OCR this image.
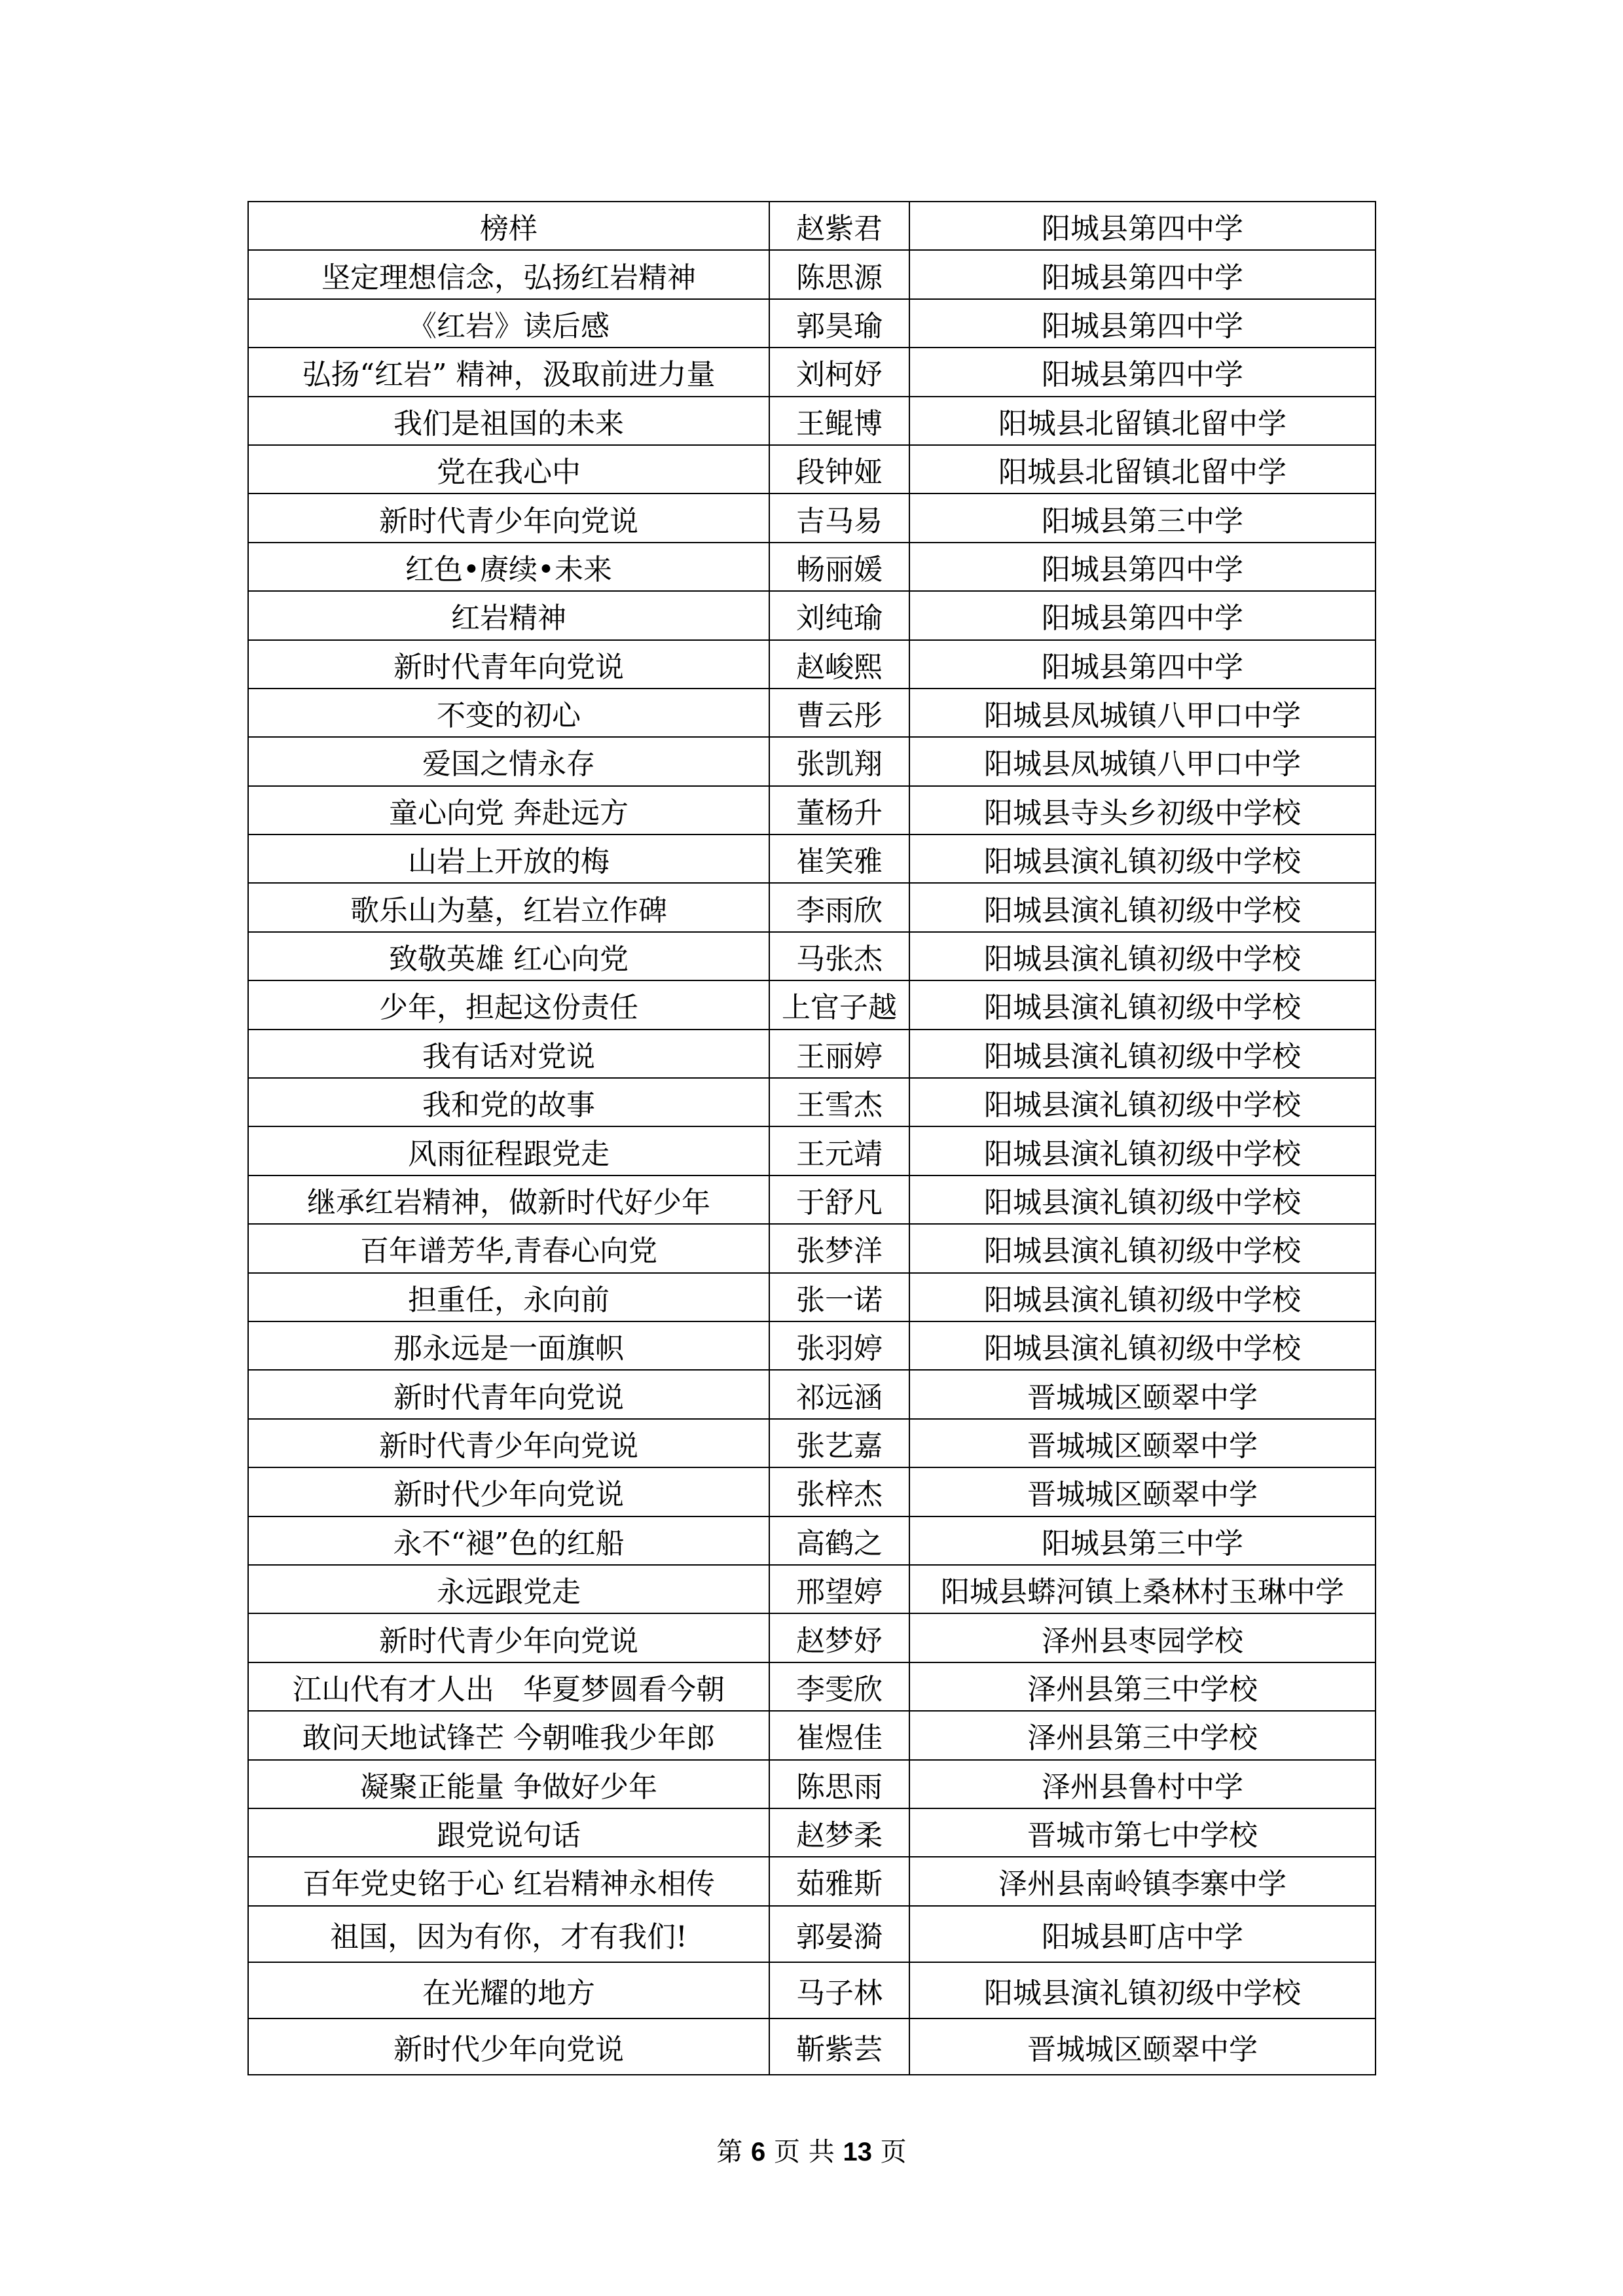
榜样	赵紫君	阳城县第四中学
坚定理想信念，弘扬红岩精神	陈思源	阳城县第四中学
《红岩》读后感	郭昊瑜	阳城县第四中学
弘扬“红岩” 精神，汲取前进力量	刘柯妤	阳城县第四中学
我们是祖国的未来	王鲲博	阳城县北留镇北留中学
党在我心中	段钟娅	阳城县北留镇北留中学
新时代青少年向党说	吉马易	阳城县第三中学
红色•赓续•未来	畅丽媛	阳城县第四中学
红岩精神	刘纯瑜	阳城县第四中学
新时代青年向党说	赵峻熙	阳城县第四中学
不变的初心	曹云彤	阳城县凤城镇八甲口中学
爱国之情永存	张凯翔	阳城县凤城镇八甲口中学
童心向党 奔赴远方	董杨升	阳城县寺头乡初级中学校
山岩上开放的梅	崔笑雅	阳城县演礼镇初级中学校
歌乐山为墓，红岩立作碑	李雨欣	阳城县演礼镇初级中学校
致敬英雄 红心向党	马张杰	阳城县演礼镇初级中学校
少年，担起这份责任	上官子越	阳城县演礼镇初级中学校
我有话对党说	王丽婷	阳城县演礼镇初级中学校
我和党的故事	王雪杰	阳城县演礼镇初级中学校
风雨征程跟党走	王元靖	阳城县演礼镇初级中学校
继承红岩精神，做新时代好少年	于舒凡	阳城县演礼镇初级中学校
百年谱芳华,青春心向党	张梦洋	阳城县演礼镇初级中学校
担重任，永向前	张一诺	阳城县演礼镇初级中学校
那永远是一面旗帜	张羽婷	阳城县演礼镇初级中学校
新时代青年向党说	祁远涵	晋城城区颐翠中学
新时代青少年向党说	张艺嘉	晋城城区颐翠中学
新时代少年向党说	张梓杰	晋城城区颐翠中学
永不“褪”色的红船	高鹤之	阳城县第三中学
永远跟党走	邢望婷	阳城县蟒河镇上桑林村玉琳中学
新时代青少年向党说	赵梦妤	泽州县枣园学校
江山代有才人出　华夏梦圆看今朝	李雯欣	泽州县第三中学校
敢问天地试锋芒 今朝唯我少年郎	崔煜佳	泽州县第三中学校
凝聚正能量 争做好少年	陈思雨	泽州县鲁村中学
跟党说句话	赵梦柔	晋城市第七中学校
百年党史铭于心 红岩精神永相传	茹雅斯	泽州县南岭镇李寨中学
祖国，因为有你，才有我们!	郭晏漪	阳城县町店中学
在光耀的地方	马子林	阳城县演礼镇初级中学校
新时代少年向党说	靳紫芸	晋城城区颐翠中学
第 6 页 共 13 页
